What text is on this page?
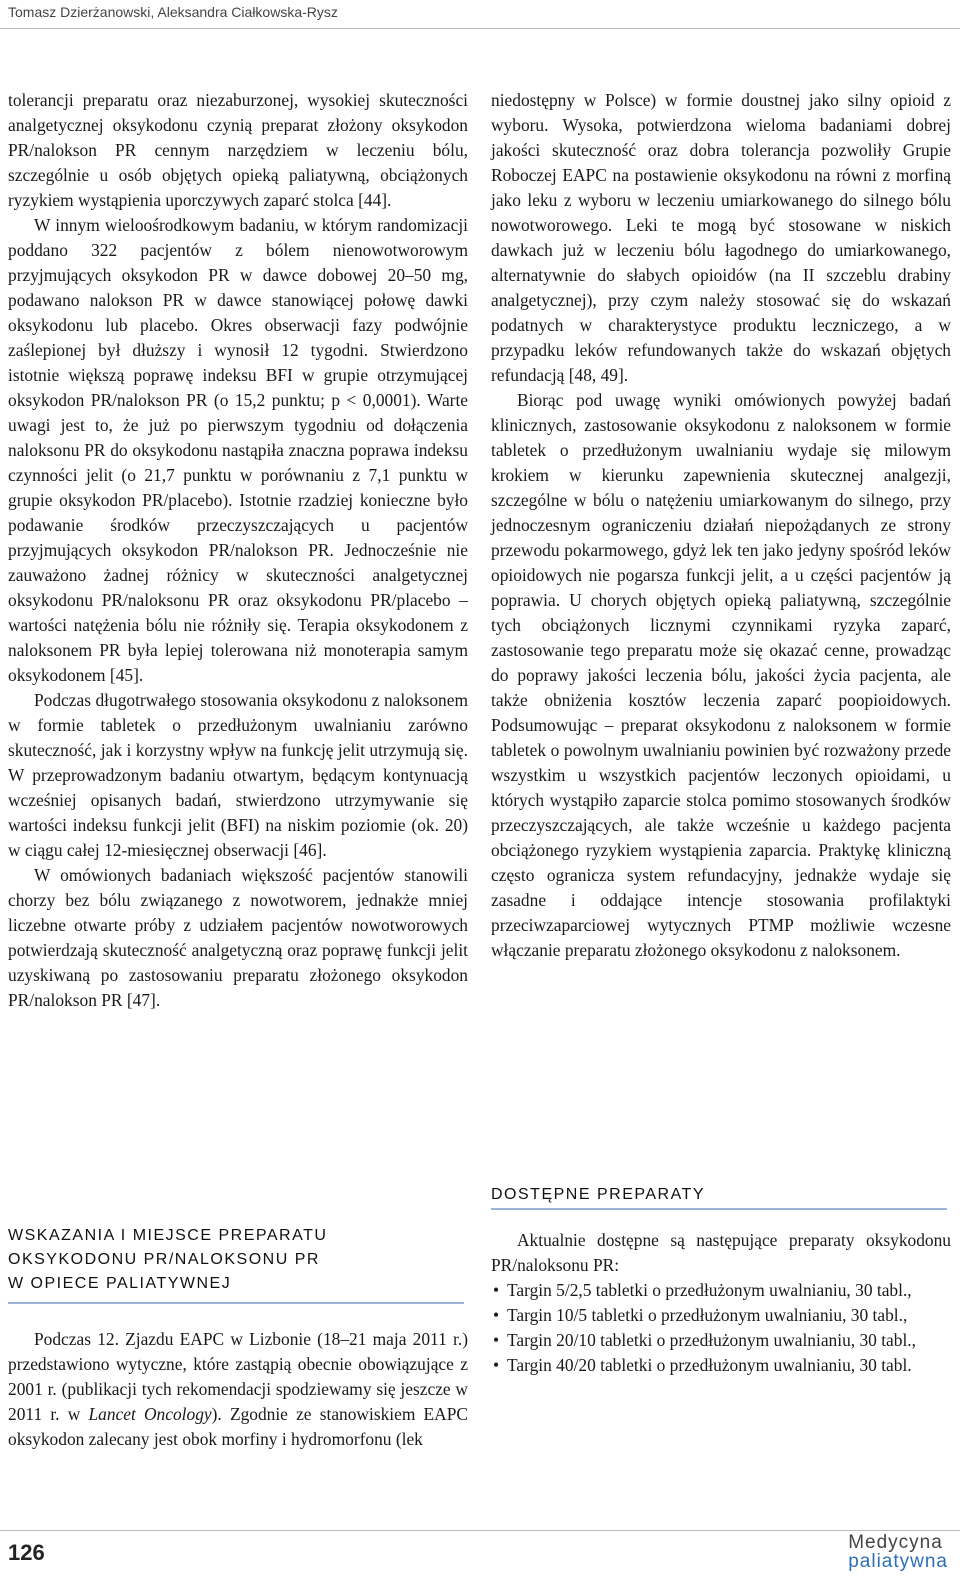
Tomasz Dzierżanowski, Aleksandra Ciałkowska-Rysz

tolerancji preparatu oraz niezaburzonej, wysokiej skuteczności analgetycznej oksykodonu czynią preparat złożony oksykodon PR/nalokson PR cennym narzędziem w leczeniu bólu, szczególnie u osób objętych opieką paliatywną, obciążonych ryzykiem wystąpienia uporczywych zaparć stolca [44].

W innym wieloośrodkowym badaniu, w którym randomizacji poddano 322 pacjentów z bólem nienowotworowym przyjmujących oksykodon PR w dawce dobowej 20–50 mg, podawano nalokson PR w dawce stanowiącej połowę dawki oksykodonu lub placebo. Okres obserwacji fazy podwójnie zaślepionej był dłuższy i wynosił 12 tygodni. Stwierdzono istotnie większą poprawę indeksu BFI w grupie otrzymującej oksykodon PR/nalokson PR (o 15,2 punktu; p < 0,0001). Warte uwagi jest to, że już po pierwszym tygodniu od dołączenia naloksonu PR do oksykodonu nastąpiła znaczna poprawa indeksu czynności jelit (o 21,7 punktu w porównaniu z 7,1 punktu w grupie oksykodon PR/placebo). Istotnie rzadziej konieczne było podawanie środków przeczyszczających u pacjentów przyjmujących oksykodon PR/nalokson PR. Jednocześnie nie zauważono żadnej różnicy w skuteczności analgetycznej oksykodonu PR/naloksonu PR oraz oksykodonu PR/placebo – wartości natężenia bólu nie różniły się. Terapia oksykodonem z naloksonem PR była lepiej tolerowana niż monoterapia samym oksykodonem [45].

Podczas długotrwałego stosowania oksykodonu z naloksonem w formie tabletek o przedłużonym uwalnianiu zarówno skuteczność, jak i korzystny wpływ na funkcję jelit utrzymują się. W przeprowadzonym badaniu otwartym, będącym kontynuacją wcześniej opisanych badań, stwierdzono utrzymywanie się wartości indeksu funkcji jelit (BFI) na niskim poziomie (ok. 20) w ciągu całej 12-miesięcznej obserwacji [46].

W omówionych badaniach większość pacjentów stanowili chorzy bez bólu związanego z nowotworem, jednakże mniej liczebne otwarte próby z udziałem pacjentów nowotworowych potwierdzają skuteczność analgetyczną oraz poprawę funkcji jelit uzyskiwaną po zastosowaniu preparatu złożonego oksykodon PR/nalokson PR [47].

WSKAZANIA I MIEJSCE PREPARATU
OKSYKODONU PR/NALOKSONU PR
W OPIECE PALIATYWNEJ

Podczas 12. Zjazdu EAPC w Lizbonie (18–21 maja 2011 r.) przedstawiono wytyczne, które zastąpią obecnie obowiązujące z 2001 r. (publikacji tych rekomendacji spodziewamy się jeszcze w 2011 r. w Lancet Oncology). Zgodnie ze stanowiskiem EAPC oksykodon zalecany jest obok morfiny i hydromorfonu (lek

niedostępny w Polsce) w formie doustnej jako silny opioid z wyboru. Wysoka, potwierdzona wieloma badaniami dobrej jakości skuteczność oraz dobra tolerancja pozwoliły Grupie Roboczej EAPC na postawienie oksykodonu na równi z morfiną jako leku z wyboru w leczeniu umiarkowanego do silnego bólu nowotworowego. Leki te mogą być stosowane w niskich dawkach już w leczeniu bólu łagodnego do umiarkowanego, alternatywnie do słabych opioidów (na II szczeblu drabiny analgetycznej), przy czym należy stosować się do wskazań podatnych w charakterystyce produktu leczniczego, a w przypadku leków refundowanych także do wskazań objętych refundacją [48, 49].

Biorąc pod uwagę wyniki omówionych powyżej badań klinicznych, zastosowanie oksykodonu z naloksonem w formie tabletek o przedłużonym uwalnianiu wydaje się milowym krokiem w kierunku zapewnienia skutecznej analgezji, szczególne w bólu o natężeniu umiarkowanym do silnego, przy jednoczesnym ograniczeniu działań niepożądanych ze strony przewodu pokarmowego, gdyż lek ten jako jedyny spośród leków opioidowych nie pogarsza funkcji jelit, a u części pacjentów ją poprawia. U chorych objętych opieką paliatywną, szczególnie tych obciążonych licznymi czynnikami ryzyka zaparć, zastosowanie tego preparatu może się okazać cenne, prowadząc do poprawy jakości leczenia bólu, jakości życia pacjenta, ale także obniżenia kosztów leczenia zaparć poopioidowych. Podsumowując – preparat oksykodonu z naloksonem w formie tabletek o powolnym uwalnianiu powinien być rozważony przede wszystkim u wszystkich pacjentów leczonych opioidami, u których wystąpiło zaparcie stolca pomimo stosowanych środków przeczyszczających, ale także wcześnie u każdego pacjenta obciążonego ryzykiem wystąpienia zaparcia. Praktykę kliniczną często ogranicza system refundacyjny, jednakże wydaje się zasadne i oddające intencje stosowania profilaktyki przeciwzaparciowej wytycznych PTMP możliwie wczesne włączanie preparatu złożonego oksykodonu z naloksonem.

DOSTĘPNE PREPARATY

Aktualnie dostępne są następujące preparaty oksykodonu PR/naloksonu PR:

• Targin 5/2,5 tabletki o przedłużonym uwalnianiu, 30 tabl.,
• Targin 10/5 tabletki o przedłużonym uwalnianiu, 30 tabl.,
• Targin 20/10 tabletki o przedłużonym uwalnianiu, 30 tabl.,
• Targin 40/20 tabletki o przedłużonym uwalnianiu, 30 tabl.
126	Medycyna
paliatywna
